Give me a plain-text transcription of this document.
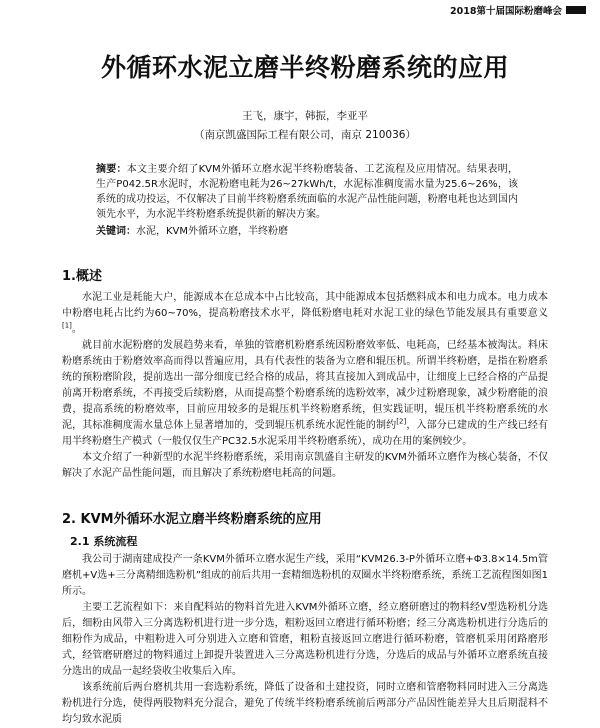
2018第十届国际粉磨峰会
外循环水泥立磨半终粉磨系统的应用
王飞，康宇，韩振，李亚平
（南京凯盛国际工程有限公司，南京 210036）
摘要：本文主要介绍了KVM外循环立磨水泥半终粉磨装备、工艺流程及应用情况。结果表明，生产P042.5R水泥时，水泥粉磨电耗为26~27kWh/t，水泥标准稠度需水量为25.6~26%，该系统的成功投运，不仅解决了目前半终粉磨系统面临的水泥产品性能问题，粉磨电耗也达到国内领先水平，为水泥半终粉磨系统提供新的解决方案。
关键词：水泥，KVM外循环立磨，半终粉磨
1.概述

水泥工业是耗能大户，能源成本在总成本中占比较高，其中能源成本包括燃料成本和电力成本。电力成本中粉磨电耗占比约为60~70%，提高粉磨技术水平，降低粉磨电耗对水泥工业的绿色节能发展具有重要意义[1]。

就目前水泥粉磨的发展趋势来看，单独的管磨机粉磨系统因粉磨效率低、电耗高，已经基本被淘汰。料床粉磨系统由于粉磨效率高而得以普遍应用，具有代表性的装备为立磨和辊压机。所谓半终粉磨，是指在粉磨系统的预粉磨阶段，提前选出一部分细度已经合格的成品，将其直接加入到成品中，让细度上已经合格的产品提前离开粉磨系统，不再接受后续粉磨，从而提高整个粉磨系统的选粉效率，减少过粉磨现象，减少粉磨能的浪费，提高系统的粉磨效率，目前应用较多的是辊压机半终粉磨系统，但实践证明，辊压机半终粉磨系统的水泥，其标准稠度需水量总体上显著增加的，受到辊压机系统水泥性能的制约[2]，入部分已建成的生产线已经有用半终粉磨生产模式（一般仅仅生产PC32.5水泥采用半终粉磨系统），成功在用的案例较少。

本文介绍了一种新型的水泥半终粉磨系统，采用南京凯盛自主研发的KVM外循环立磨作为核心装备，不仅解决了水泥产品性能问题，而且解决了系统粉磨电耗高的问题。

2. KVM外循环水泥立磨半终粉磨系统的应用
2.1 系统流程

我公司于湖南建成投产一条KVM外循环立磨水泥生产线，采用“KVM26.3-P外循环立磨+Φ3.8×14.5m管磨机+V选+三分离精细选粉机”组成的前后共用一套精细选粉机的双圈水半终粉磨系统，系统工艺流程图如图1所示。

主要工艺流程如下：来自配料站的物料首先进入KVM外循环立磨，经立磨研磨过的物料经V型选粉机分选后，细粉由风带入三分离选粉机进行进一步分选，粗粉返回立磨进行循环粉磨；经三分离选粉机进行分选后的细粉作为成品，中粗粉进入可分别进入立磨和管磨，粗粉直接返回立磨进行循环粉磨，管磨机采用闭路磨形式，经管磨研磨过的物料通过上卸提升装置进入三分离选粉机进行分选，分选后的成品与外循环立磨系统直接分选出的成品一起经袋收尘收集后入库。

该系统前后两台磨机共用一套选粉系统，降低了设备和土建投资，同时立磨和管磨物料同时进入三分离选粉机进行分选，使得两股物料充分混合，避免了传统半终粉磨系统前后两部分产品因性能差异大且后期混料不均匀致水泥质
